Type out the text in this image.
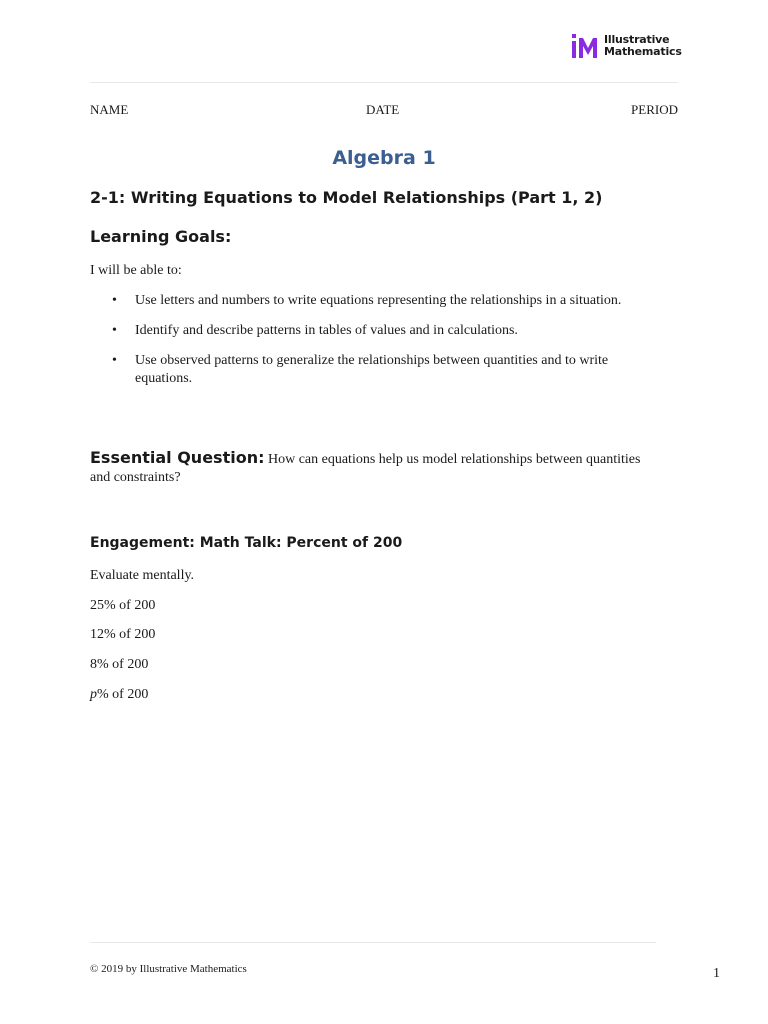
Illustrative
Mathematics
NAME	DATE	PERIOD
Algebra 1
2-1: Writing Equations to Model Relationships (Part 1, 2)
Learning Goals:
I will be able to:
• Use letters and numbers to write equations representing the relationships in a situation.
• Identify and describe patterns in tables of values and in calculations.
• Use observed patterns to generalize the relationships between quantities and to write equations.
Essential Question: How can equations help us model relationships between quantities and constraints?
Engagement: Math Talk: Percent of 200
Evaluate mentally.
25% of 200
12% of 200
8% of 200
p% of 200
© 2019 by Illustrative Mathematics	1
